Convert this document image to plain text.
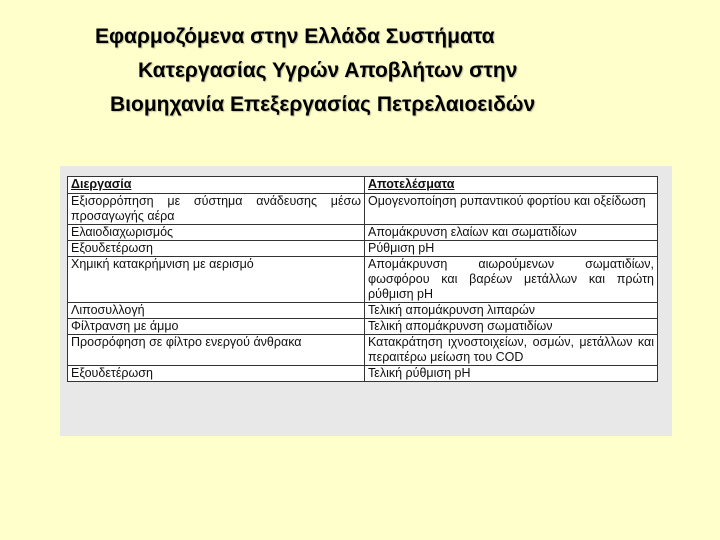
Εφαρμοζόμενα στην Ελλάδα Συστήματα
Κατεργασίας Υγρών Αποβλήτων στην
Βιομηχανία Επεξεργασίας Πετρελαιοειδών
Διεργασία	Αποτελέσματα
Εξισορρόπηση με σύστημα ανάδευσης μέσω προσαγωγής αέρα	Ομογενοποίηση ρυπαντικού φορτίου και οξείδωση
Ελαιοδιαχωρισμός	Απομάκρυνση ελαίων και σωματιδίων
Εξουδετέρωση	Ρύθμιση pH
Χημική κατακρήμνιση με αερισμό	Απομάκρυνση αιωρούμενων σωματιδίων, φωσφόρου και βαρέων μετάλλων και πρώτη ρύθμιση pH
Λιποσυλλογή	Τελική απομάκρυνση λιπαρών
Φίλτρανση με άμμο	Τελική απομάκρυνση σωματιδίων
Προσρόφηση σε φίλτρο ενεργού άνθρακα	Κατακράτηση ιχνοστοιχείων, οσμών, μετάλλων και περαιτέρω μείωση του COD
Εξουδετέρωση	Τελική ρύθμιση pH
